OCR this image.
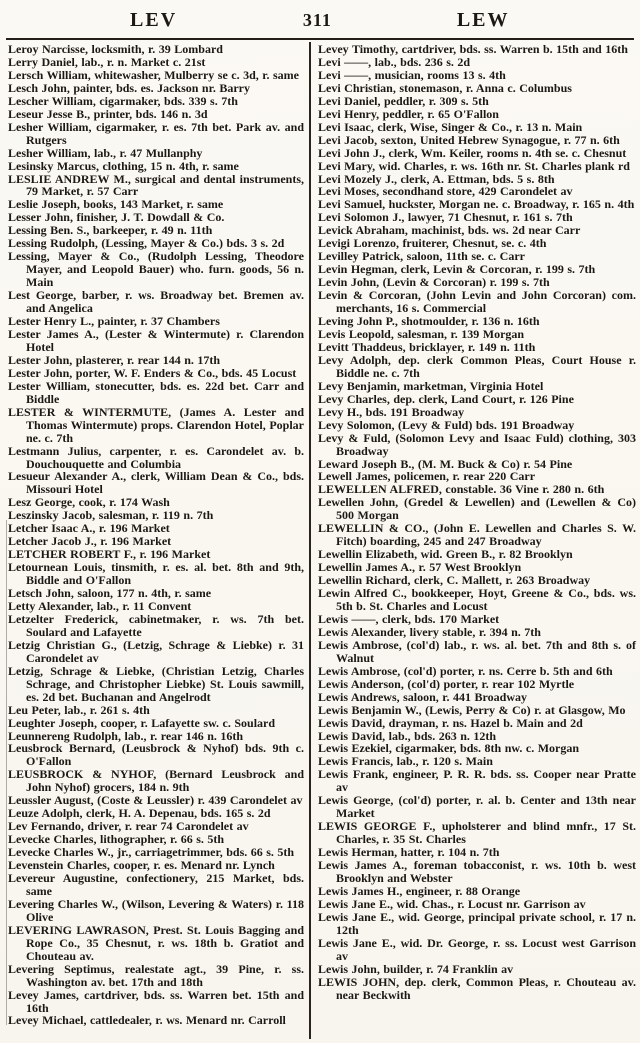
LEV	311	LEW

Leroy Narcisse, locksmith, r. 39 Lombard

Lerry Daniel, lab., r. n. Market c. 21st

Lersch William, whitewasher, Mulberry se c. 3d, r. same

Lesch John, painter, bds. es. Jackson nr. Barry

Lescher William, cigarmaker, bds. 339 s. 7th

Leseur Jesse B., printer, bds. 146 n. 3d

Lesher William, cigarmaker, r. es. 7th bet. Park av. and Rutgers

Lesher William, lab., r. 47 Mullanphy

Lesinsky Marcus, clothing, 15 n. 4th, r. same

LESLIE ANDREW M., surgical and dental instruments, 79 Market, r. 57 Carr

Leslie Joseph, books, 143 Market, r. same

Lesser John, finisher, J. T. Dowdall & Co.

Lessing Ben. S., barkeeper, r. 49 n. 11th

Lessing Rudolph, (Lessing, Mayer & Co.) bds. 3 s. 2d

Lessing, Mayer & Co., (Rudolph Lessing, Theodore Mayer, and Leopold Bauer) who. furn. goods, 56 n. Main

Lest George, barber, r. ws. Broadway bet. Bremen av. and Angelica

Lester Henry L., painter, r. 37 Chambers

Lester James A., (Lester & Wintermute) r. Clarendon Hotel

Lester John, plasterer, r. rear 144 n. 17th

Lester John, porter, W. F. Enders & Co., bds. 45 Locust

Lester William, stonecutter, bds. es. 22d bet. Carr and Biddle

LESTER & WINTERMUTE, (James A. Lester and Thomas Wintermute) props. Clarendon Hotel, Poplar ne. c. 7th

Lestmann Julius, carpenter, r. es. Carondelet av. b. Douchouquette and Columbia

Lesueur Alexander A., clerk, William Dean & Co., bds. Missouri Hotel

Lesz George, cook, r. 174 Wash

Leszinsky Jacob, salesman, r. 119 n. 7th

Letcher Isaac A., r. 196 Market

Letcher Jacob J., r. 196 Market

LETCHER ROBERT F., r. 196 Market

Letournean Louis, tinsmith, r. es. al. bet. 8th and 9th, Biddle and O'Fallon

Letsch John, saloon, 177 n. 4th, r. same

Letty Alexander, lab., r. 11 Convent

Letzelter Frederick, cabinetmaker, r. ws. 7th bet. Soulard and Lafayette

Letzig Christian G., (Letzig, Schrage & Liebke) r. 31 Carondelet av

Letzig, Schrage & Liebke, (Christian Letzig, Charles Schrage, and Christopher Liebke) St. Louis sawmill, es. 2d bet. Buchanan and Angelrodt

Leu Peter, lab., r. 261 s. 4th

Leughter Joseph, cooper, r. Lafayette sw. c. Soulard

Leunnereng Rudolph, lab., r. rear 146 n. 16th

Leusbrock Bernard, (Leusbrock & Nyhof) bds. 9th c. O'Fallon

LEUSBROCK & NYHOF, (Bernard Leusbrock and John Nyhof) grocers, 184 n. 9th

Leussler August, (Coste & Leussler) r. 439 Carondelet av

Leuze Adolph, clerk, H. A. Depenau, bds. 165 s. 2d

Lev Fernando, driver, r. rear 74 Carondelet av

Levecke Charles, lithographer, r. 66 s. 5th

Levecke Charles W., jr., carriagetrimmer, bds. 66 s. 5th

Levenstein Charles, cooper, r. es. Menard nr. Lynch

Levereur Augustine, confectionery, 215 Market, bds. same

Levering Charles W., (Wilson, Levering & Waters) r. 118 Olive

LEVERING LAWRASON, Prest. St. Louis Bagging and Rope Co., 35 Chesnut, r. ws. 18th b. Gratiot and Chouteau av.

Levering Septimus, realestate agt., 39 Pine, r. ss. Washington av. bet. 17th and 18th

Levey James, cartdriver, bds. ss. Warren bet. 15th and 16th

Levey Michael, cattledealer, r. ws. Menard nr. Carroll

Levey Timothy, cartdriver, bds. ss. Warren b. 15th and 16th

Levi ——, lab., bds. 236 s. 2d

Levi ——, musician, rooms 13 s. 4th

Levi Christian, stonemason, r. Anna c. Columbus

Levi Daniel, peddler, r. 309 s. 5th

Levi Henry, peddler, r. 65 O'Fallon

Levi Isaac, clerk, Wise, Singer & Co., r. 13 n. Main

Levi Jacob, sexton, United Hebrew Synagogue, r. 77 n. 6th

Levi John J., clerk, Wm. Keiler, rooms n. 4th se. c. Chesnut

Levi Mary, wid. Charles, r. ws. 16th nr. St. Charles plank rd

Levi Mozely J., clerk, A. Ettman, bds. 5 s. 8th

Levi Moses, secondhand store, 429 Carondelet av

Levi Samuel, huckster, Morgan ne. c. Broadway, r. 165 n. 4th

Levi Solomon J., lawyer, 71 Chesnut, r. 161 s. 7th

Levick Abraham, machinist, bds. ws. 2d near Carr

Levigi Lorenzo, fruiterer, Chesnut, se. c. 4th

Levilley Patrick, saloon, 11th se. c. Carr

Levin Hegman, clerk, Levin & Corcoran, r. 199 s. 7th

Levin John, (Levin & Corcoran) r. 199 s. 7th

Levin & Corcoran, (John Levin and John Corcoran) com. merchants, 16 s. Commercial

Leving John P., shotmoulder, r. 136 n. 16th

Levis Leopold, salesman, r. 139 Morgan

Levitt Thaddeus, bricklayer, r. 149 n. 11th

Levy Adolph, dep. clerk Common Pleas, Court House r. Biddle ne. c. 7th

Levy Benjamin, marketman, Virginia Hotel

Levy Charles, dep. clerk, Land Court, r. 126 Pine

Levy H., bds. 191 Broadway

Levy Solomon, (Levy & Fuld) bds. 191 Broadway

Levy & Fuld, (Solomon Levy and Isaac Fuld) clothing, 303 Broadway

Leward Joseph B., (M. M. Buck & Co) r. 54 Pine

Lewell James, policemen, r. rear 220 Carr

LEWELLEN ALFRED, constable. 36 Vine r. 280 n. 6th

Lewellen John, (Gredel & Lewellen) and (Lewellen & Co) 500 Morgan

LEWELLIN & CO., (John E. Lewellen and Charles S. W. Fitch) boarding, 245 and 247 Broadway

Lewellin Elizabeth, wid. Green B., r. 82 Brooklyn

Lewellin James A., r. 57 West Brooklyn

Lewellin Richard, clerk, C. Mallett, r. 263 Broadway

Lewin Alfred C., bookkeeper, Hoyt, Greene & Co., bds. ws. 5th b. St. Charles and Locust

Lewis ——, clerk, bds. 170 Market

Lewis Alexander, livery stable, r. 394 n. 7th

Lewis Ambrose, (col'd) lab., r. ws. al. bet. 7th and 8th s. of Walnut

Lewis Ambrose, (col'd) porter, r. ns. Cerre b. 5th and 6th

Lewis Anderson, (col'd) porter, r. rear 102 Myrtle

Lewis Andrews, saloon, r. 441 Broadway

Lewis Benjamin W., (Lewis, Perry & Co) r. at Glasgow, Mo

Lewis David, drayman, r. ns. Hazel b. Main and 2d

Lewis David, lab., bds. 263 n. 12th

Lewis Ezekiel, cigarmaker, bds. 8th nw. c. Morgan

Lewis Francis, lab., r. 120 s. Main

Lewis Frank, engineer, P. R. R. bds. ss. Cooper near Pratte av

Lewis George, (col'd) porter, r. al. b. Center and 13th near Market

LEWIS GEORGE F., upholsterer and blind mnfr., 17 St. Charles, r. 35 St. Charles

Lewis Herman, hatter, r. 104 n. 7th

Lewis James A., foreman tobacconist, r. ws. 10th b. west Brooklyn and Webster

Lewis James H., engineer, r. 88 Orange

Lewis Jane E., wid. Chas., r. Locust nr. Garrison av

Lewis Jane E., wid. George, principal private school, r. 17 n. 12th

Lewis Jane E., wid. Dr. George, r. ss. Locust west Garrison av

Lewis John, builder, r. 74 Franklin av

LEWIS JOHN, dep. clerk, Common Pleas, r. Chouteau av. near Beckwith
